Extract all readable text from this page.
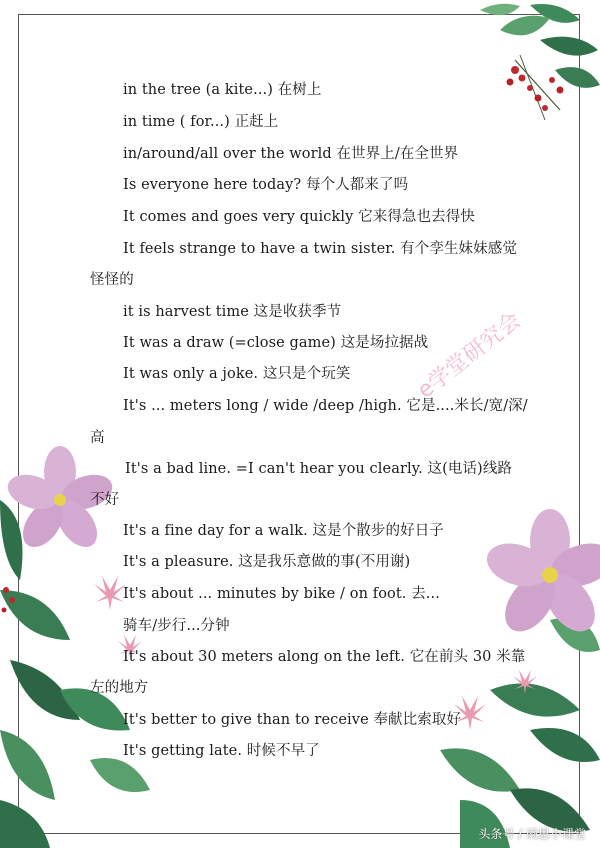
in the tree (a kite...) 在树上
in time ( for...) 正赶上
in/around/all over the world 在世界上/在全世界
Is everyone here today? 每个人都来了吗
It comes and goes very quickly 它来得急也去得快
It feels strange to have a twin sister. 有个孪生妹妹感觉
怪怪的
it is harvest time 这是收获季节
It was a draw (=close game) 这是场拉据战
It was only a joke. 这只是个玩笑
It's ... meters long / wide /deep /high. 它是....米长/宽/深/
高
It's a bad line. =I can't hear you clearly. 这(电话)线路
不好
It's a fine day for a walk. 这是个散步的好日子
It's a pleasure. 这是我乐意做的事(不用谢)
It's about ... minutes by bike / on foot. 去...
骑车/步行...分钟
It's about 30 meters along on the left. 它在前头 30 米靠
左的地方
It's better to give than to receive 奉献比索取好
It's getting late. 时候不早了
e学堂研究会
头条号 / 雨思小课堂
